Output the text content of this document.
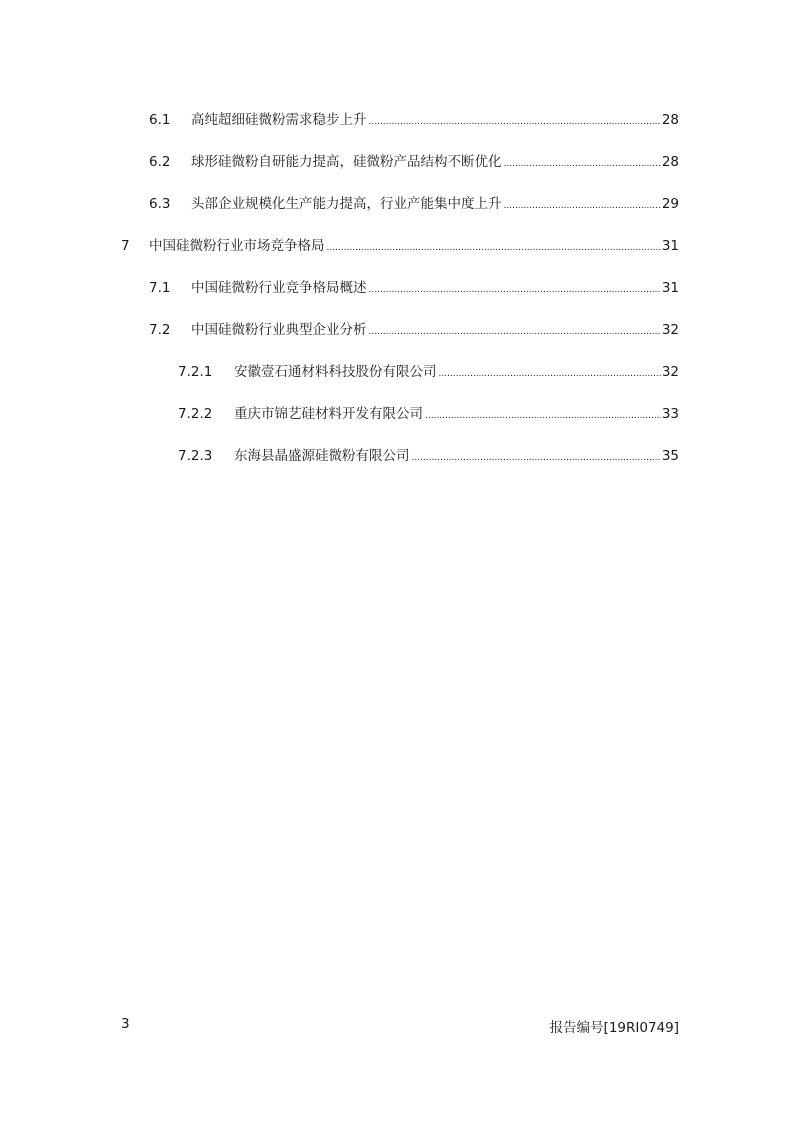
6.1	高纯超细硅微粉需求稳步上升 .....	28
6.2	球形硅微粉自研能力提高，硅微粉产品结构不断优化 .....	28
6.3	头部企业规模化生产能力提高，行业产能集中度上升 .....	29
7	中国硅微粉行业市场竞争格局 .....	31
7.1	中国硅微粉行业竞争格局概述 .....	31
7.2	中国硅微粉行业典型企业分析 .....	32
7.2.1	安徽壹石通材料科技股份有限公司 .....	32
7.2.2	重庆市锦艺硅材料开发有限公司 .....	33
7.2.3	东海县晶盛源硅微粉有限公司 .....	35
3	报告编号[19RI0749]
